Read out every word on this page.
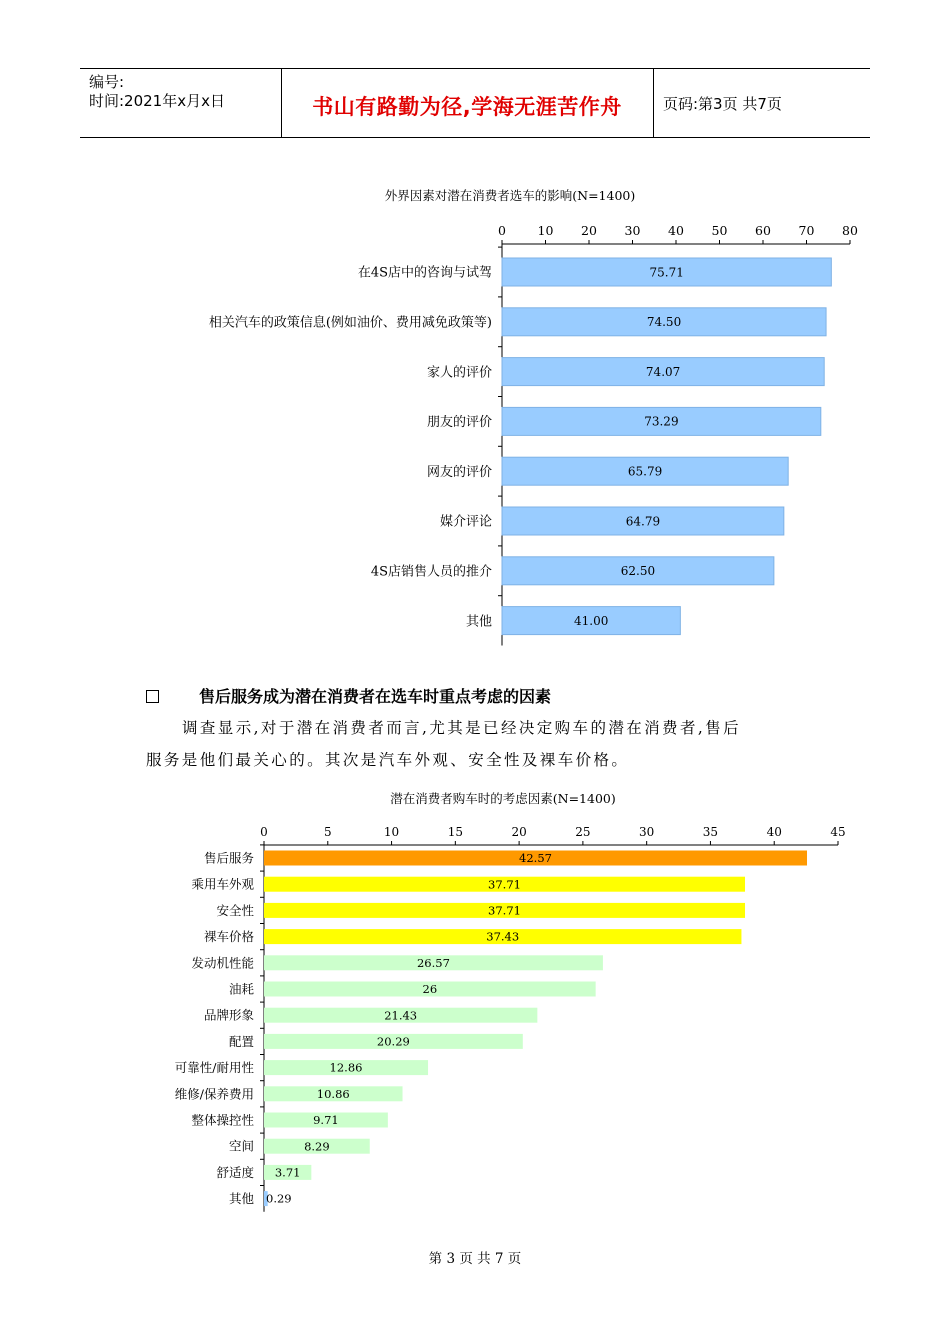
编号:
时间:2021年x月x日	书山有路勤为径,学海无涯苦作舟	页码:第3页 共7页
外界因素对潜在消费者选车的影响(N=1400)
0	10 20 30 40 50 60 70 80
在4S店中的咨询与试驾	75.71
相关汽车的政策信息(例如油价、费用减免政策等)	74.50
家人的评价	74.07
朋友的评价	73.29
网友的评价	65.79
媒介评论	64.79
4S店销售人员的推介	62.50
其他	41.00
售后服务成为潜在消费者在选车时重点考虑的因素
调查显示,对于潜在消费者而言,尤其是已经决定购车的潜在消费者,售后
服务是他们最关心的。其次是汽车外观、安全性及裸车价格。
潜在消费者购车时的考虑因素(N=1400)
0	5	10	15	20	25	30	35	40	45
售后服务	42.57
乘用车外观	37.71
安全性	37.71
裸车价格	37.43
发动机性能	26.57
油耗	26
品牌形象	21.43
配置	20.29
可靠性/耐用性	12.86
维修/保养费用	10.86
整体操控性	9.71
空间	8.29
舒适度 3.71
其他 0.29
第 3 页 共 7 页
